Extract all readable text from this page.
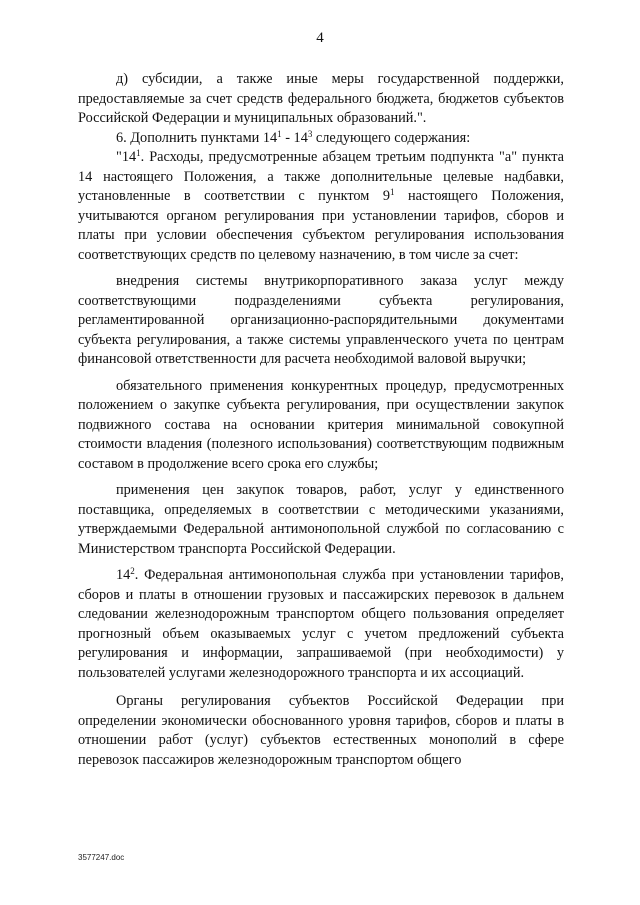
4

д) субсидии, а также иные меры государственной поддержки, предоставляемые за счет средств федерального бюджета, бюджетов субъектов Российской Федерации и муниципальных образований.".

6. Дополнить пунктами $14^1 - 14^3$ следующего содержания:

"$14^1$. Расходы, предусмотренные абзацем третьим подпункта "а" пункта 14 настоящего Положения, а также дополнительные целевые надбавки, установленные в соответствии с пунктом $9^1$ настоящего Положения, учитываются органом регулирования при установлении тарифов, сборов и платы при условии обеспечения субъектом регулирования использования соответствующих средств по целевому назначению, в том числе за счет:

внедрения системы внутрикорпоративного заказа услуг между соответствующими подразделениями субъекта регулирования, регламентированной организационно-распорядительными документами субъекта регулирования, а также системы управленческого учета по центрам финансовой ответственности для расчета необходимой валовой выручки;

обязательного применения конкурентных процедур, предусмотренных положением о закупке субъекта регулирования, при осуществлении закупок подвижного состава на основании критерия минимальной совокупной стоимости владения (полезного использования) соответствующим подвижным составом в продолжение всего срока его службы;

применения цен закупок товаров, работ, услуг у единственного поставщика, определяемых в соответствии с методическими указаниями, утверждаемыми Федеральной антимонопольной службой по согласованию с Министерством транспорта Российской Федерации.

$14^2$. Федеральная антимонопольная служба при установлении тарифов, сборов и платы в отношении грузовых и пассажирских перевозок в дальнем следовании железнодорожным транспортом общего пользования определяет прогнозный объем оказываемых услуг с учетом предложений субъекта регулирования и информации, запрашиваемой (при необходимости) у пользователей услугами железнодорожного транспорта и их ассоциаций.

Органы регулирования субъектов Российской Федерации при определении экономически обоснованного уровня тарифов, сборов и платы в отношении работ (услуг) субъектов естественных монополий в сфере перевозок пассажиров железнодорожным транспортом общего

3577247.doc
